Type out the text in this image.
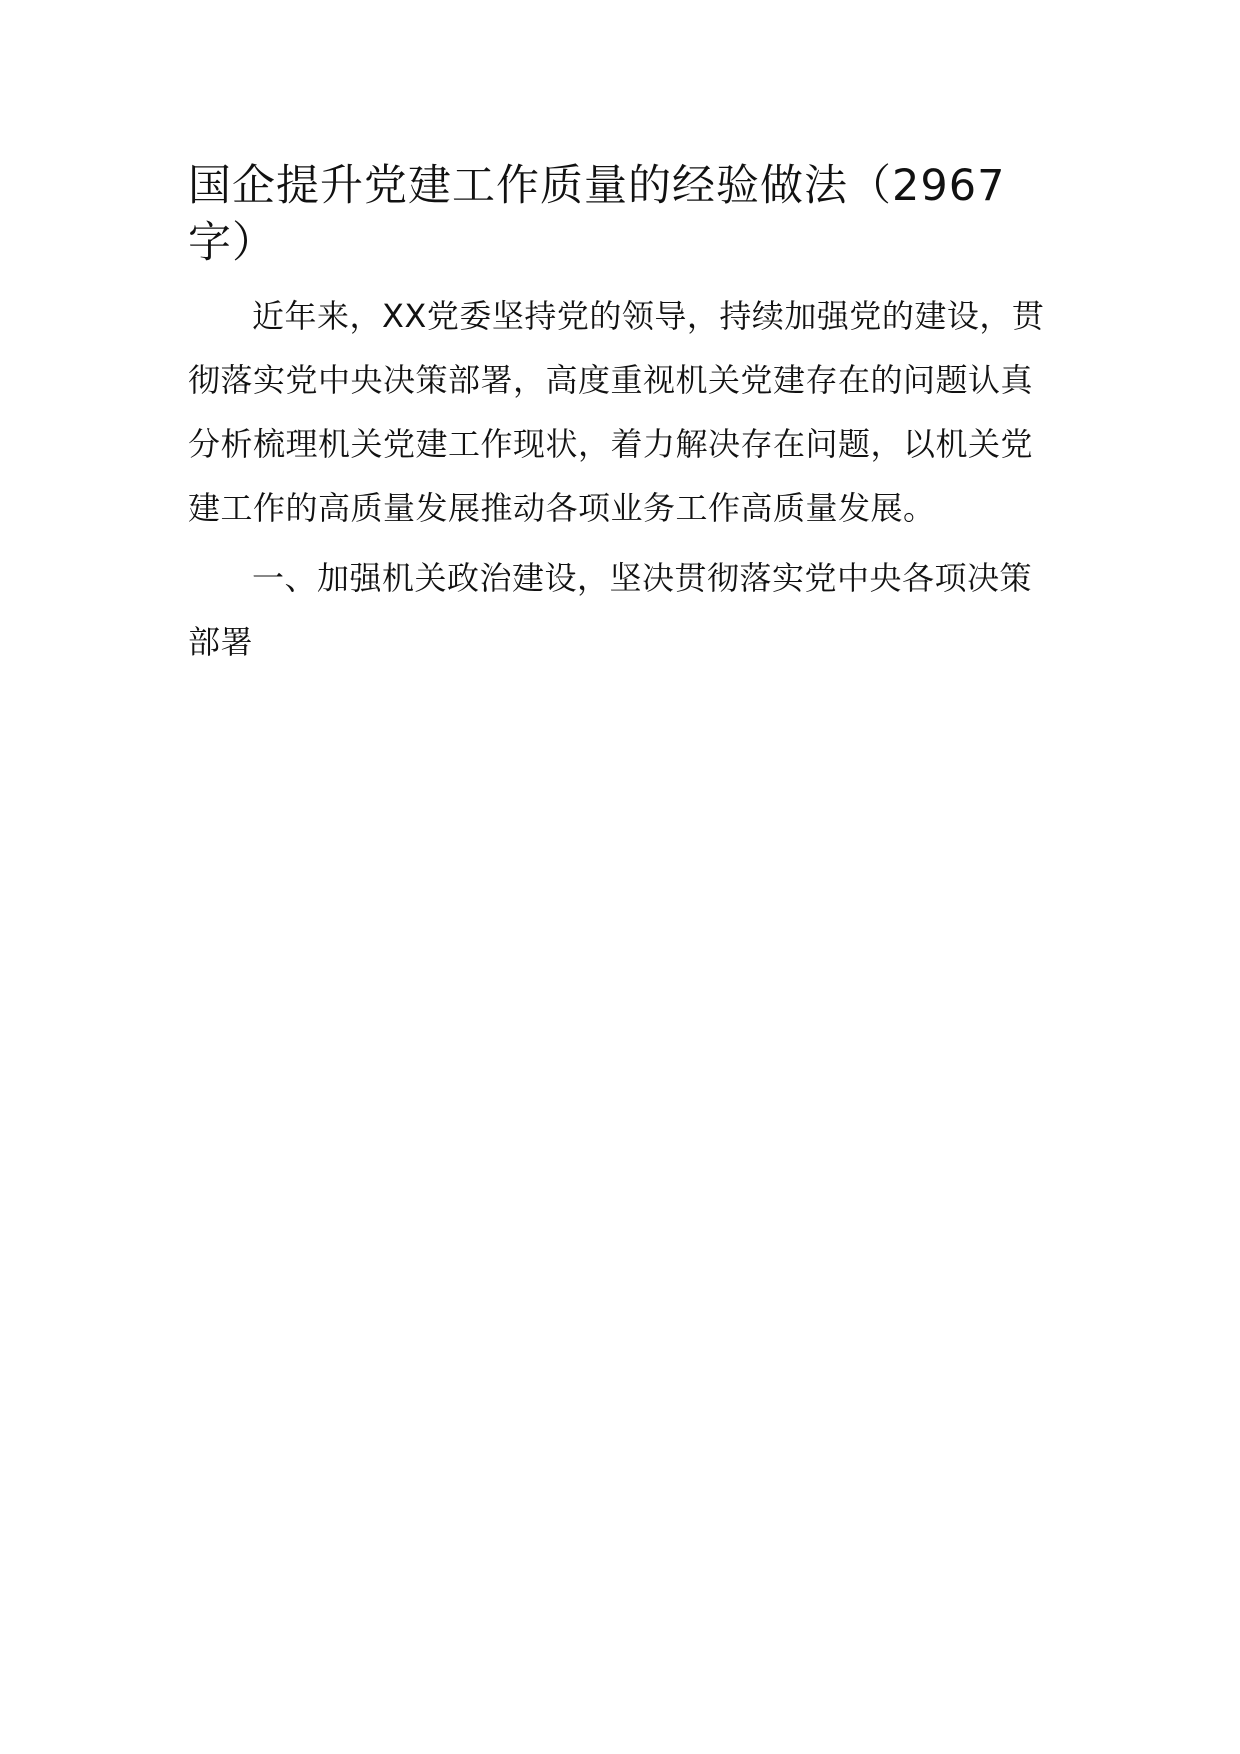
国企提升党建工作质量的经验做法（2967字）

近年来，XX党委坚持党的领导，持续加强党的建设，贯彻落实党中央决策部署，高度重视机关党建存在的问题认真分析梳理机关党建工作现状，着力解决存在问题，以机关党建工作的高质量发展推动各项业务工作高质量发展。

一、加强机关政治建设，坚决贯彻落实党中央各项决策部署
